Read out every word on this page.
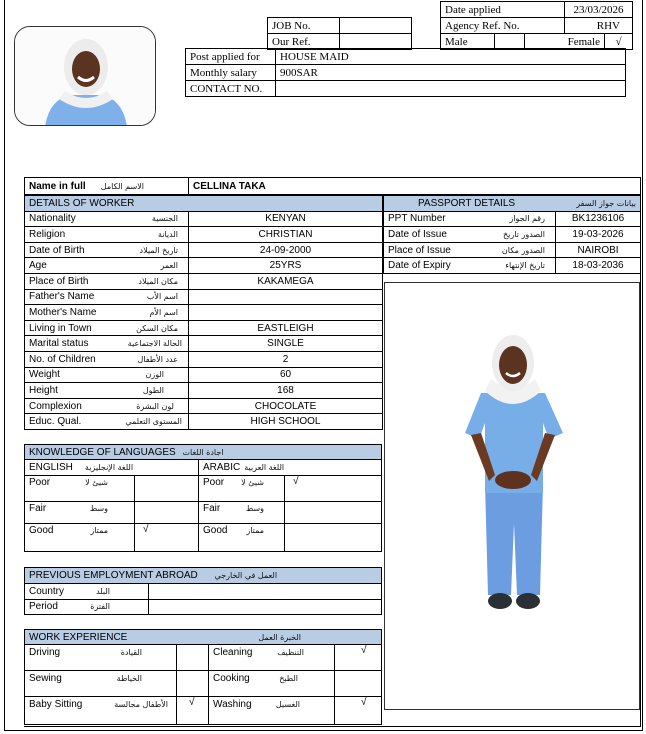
JOB No.	
Our Ref.	
Date applied			23/03/2026	
Agency Ref. No.			RHV	
Male		Female		√
Post applied for	HOUSE MAID
Monthly salary	900SAR
CONTACT NO.	
Name in full الاسم الكامل	CELLINA TAKA
DETAILS OF WORKER	

Nationality الجنسية	KENYAN

Religion الديانة	CHRISTIAN

Date of Birth تاريخ الميلاد	24-09-2000

Age العمر	25YRS

Place of Birth مكان الميلاد	KAKAMEGA

Father's Name اسم الأب	

Mother's Name اسم الأم	

Living in Town مكان السكن	EASTLEIGH

Marital status الحالة الاجتماعية	SINGLE

No. of Children عدد الأطفال	2

Weight الوزن	60

Height الطول	168

Complexion لون البشرة	CHOCOLATE

Educ. Qual. المستوى التعلمي	HIGH SCHOOL
PASSPORT DETAILS بيانات جواز السفر	

PPT Number رقم الجواز	BK1236106

Date of Issue الصدور تاريخ	19-03-2026

Place of Issue الصدور مكان	NAIROBI

Date of Expiry تاريخ الإنتهاء	18-03-2036
KNOWLEDGE OF LANGUAGES اجادة اللغات			

ENGLISH اللغة الإنجليزية		ARABIC اللغة العربية	

Poor شيئ لا		Poor شيئ لا	√

Fair وسط		Fair وسط	

Good ممتاز	√	Good ممتاز	

PREVIOUS EMPLOYMENT ABROAD العمل في الخارجي	

Country البلد	

Period الفترة	

WORK EXPERIENCE الخبرة العمل			

Driving القيادة		Cleaning التنظيف	√

Sewing الخياطة		Cooking الطبخ	

Baby Sitting الأطفال مجالسة	√	Washing الغسيل	√
